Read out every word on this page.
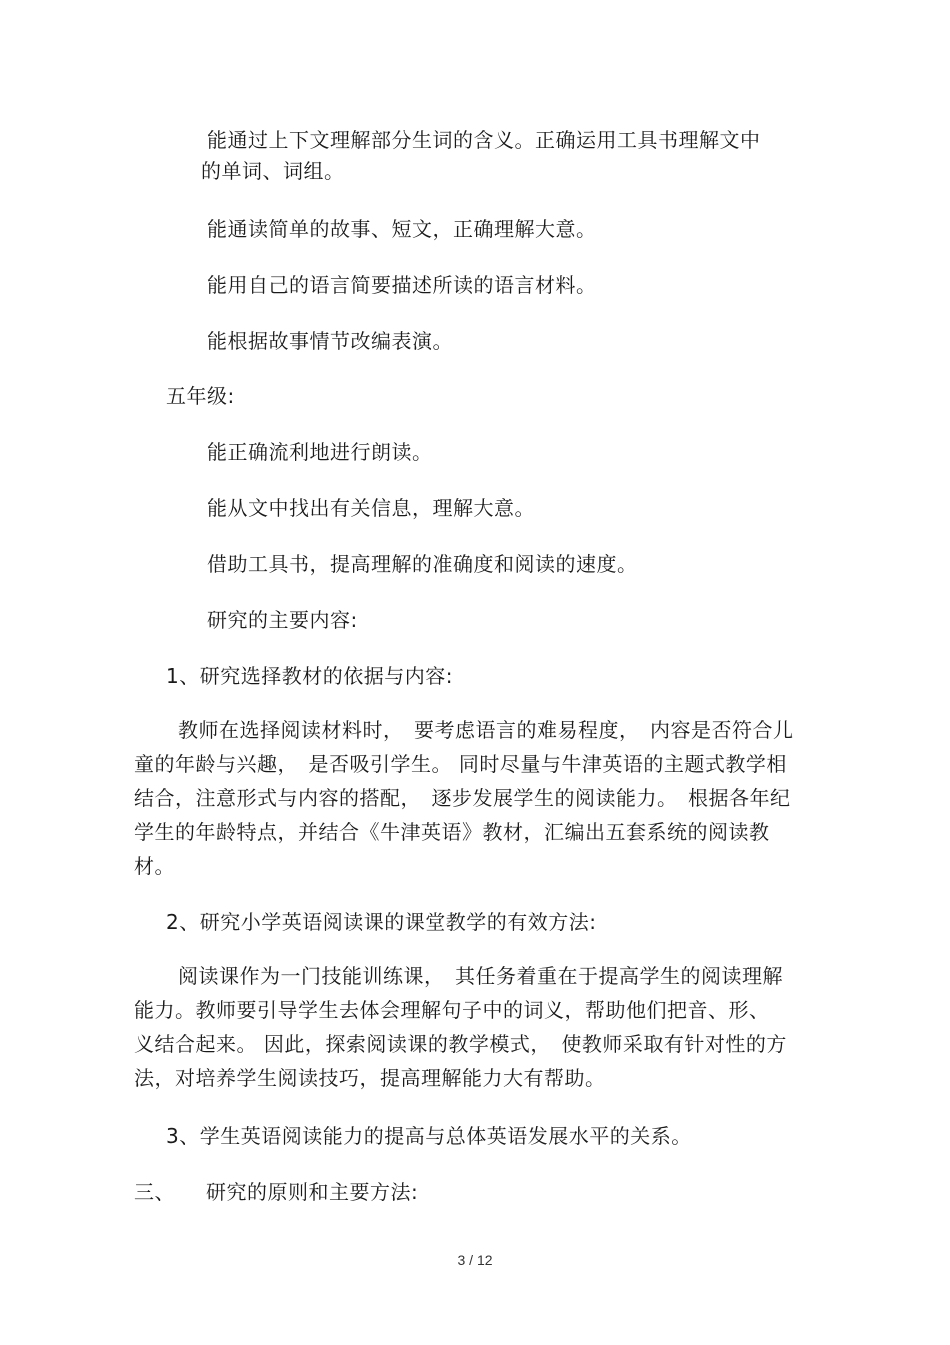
能通过上下文理解部分生词的含义。正确运用工具书理解文中
的单词、词组。
能通读简单的故事、短文，正确理解大意。
能用自己的语言简要描述所读的语言材料。
能根据故事情节改编表演。
五年级:
能正确流利地进行朗读。
能从文中找出有关信息，理解大意。
借助工具书，提高理解的准确度和阅读的速度。
研究的主要内容:
1、研究选择教材的依据与内容:
教师在选择阅读材料时，　要考虑语言的难易程度，　内容是否符合儿
童的年龄与兴趣，　是否吸引学生。 同时尽量与牛津英语的主题式教学相
结合，注意形式与内容的搭配，　逐步发展学生的阅读能力。　根据各年纪
学生的年龄特点，并结合《牛津英语》教材，汇编出五套系统的阅读教
材。
2、研究小学英语阅读课的课堂教学的有效方法:
阅读课作为一门技能训练课，　其任务着重在于提高学生的阅读理解
能力。教师要引导学生去体会理解句子中的词义，帮助他们把音、形、
义结合起来。 因此，探索阅读课的教学模式，　使教师采取有针对性的方
法，对培养学生阅读技巧，提高理解能力大有帮助。
3、学生英语阅读能力的提高与总体英语发展水平的关系。
三、　　研究的原则和主要方法:
3 / 12
